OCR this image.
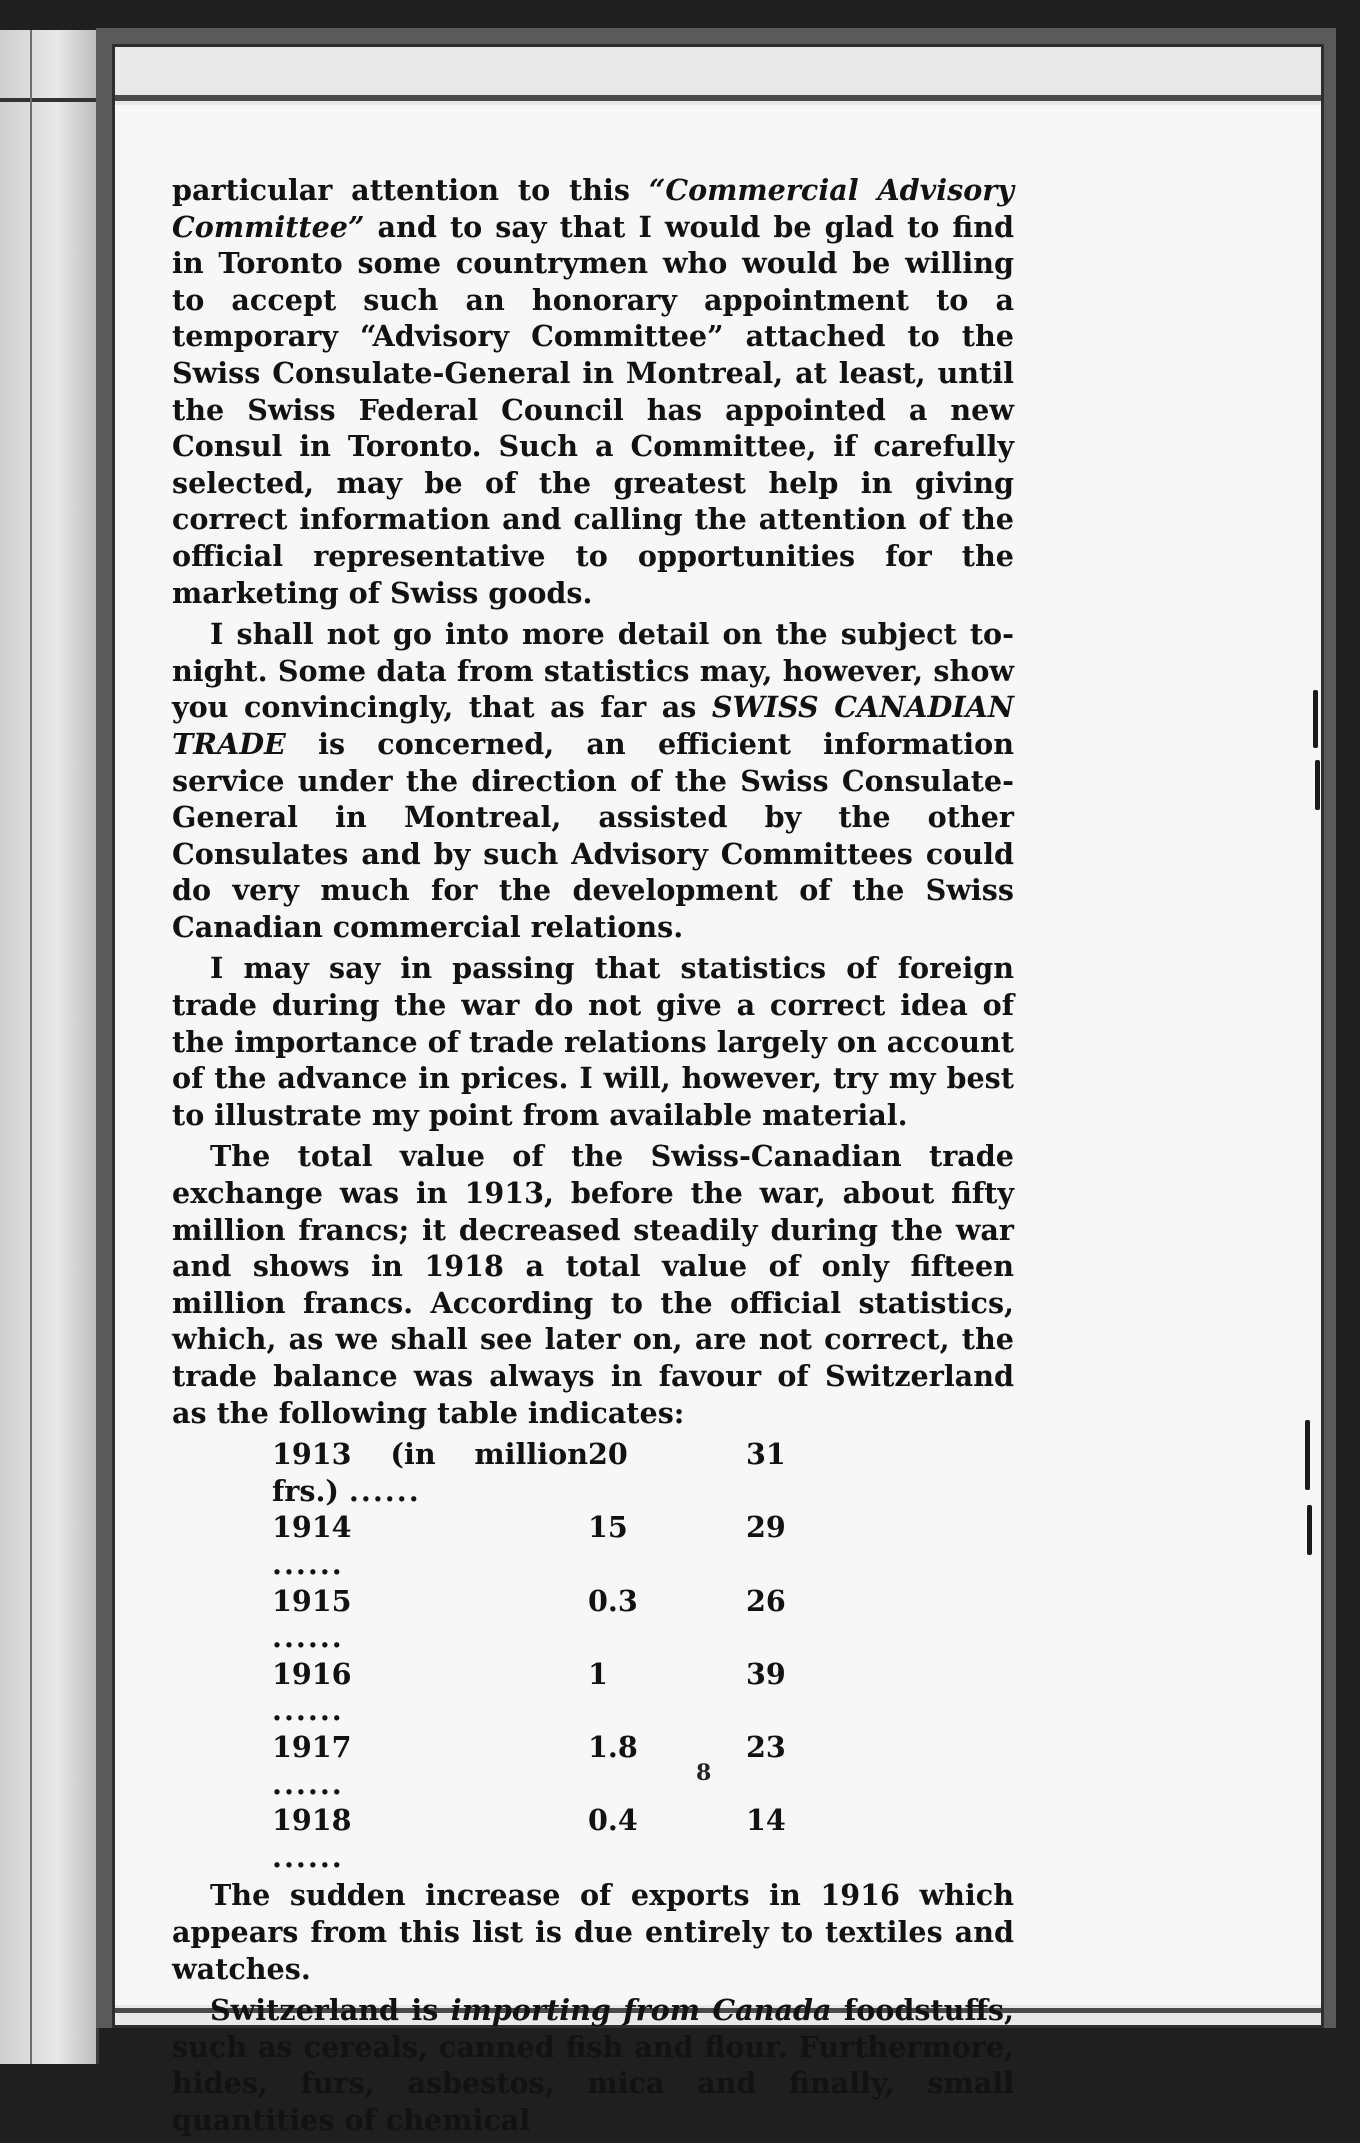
particular attention to this “Commercial Advisory Committee” and to say that I would be glad to find in Toronto some countrymen who would be willing to accept such an honorary appointment to a temporary “Advisory Committee” attached to the Swiss Consulate-General in Montreal, at least, until the Swiss Federal Council has appointed a new Consul in Toronto. Such a Committee, if carefully selected, may be of the greatest help in giving correct information and calling the attention of the official representative to opportunities for the marketing of Swiss goods.

I shall not go into more detail on the subject to-night. Some data from statistics may, however, show you convincingly, that as far as SWISS CANADIAN TRADE is concerned, an efficient information service under the direction of the Swiss Consulate-General in Montreal, assisted by the other Consulates and by such Advisory Committees could do very much for the development of the Swiss Canadian commercial relations.

I may say in passing that statistics of foreign trade during the war do not give a correct idea of the importance of trade relations largely on account of the advance in prices. I will, however, try my best to illustrate my point from available material.

The total value of the Swiss-Canadian trade exchange was in 1913, before the war, about fifty million francs; it decreased steadily during the war and shows in 1918 a total value of only fifteen million francs. According to the official statistics, which, as we shall see later on, are not correct, the trade balance was always in favour of Switzerland as the following table indicates:

1913 (in million frs.) ......	20	31
1914......	15	29
1915......	0.3	26
1916......	1	39
1917......	1.8	23
1918......	0.4	14

The sudden increase of exports in 1916 which appears from this list is due entirely to textiles and watches.

Switzerland is importing from Canada foodstuffs, such as cereals, canned fish and flour. Furthermore, hides, furs, asbestos, mica and finally, small quantities of chemical

8
